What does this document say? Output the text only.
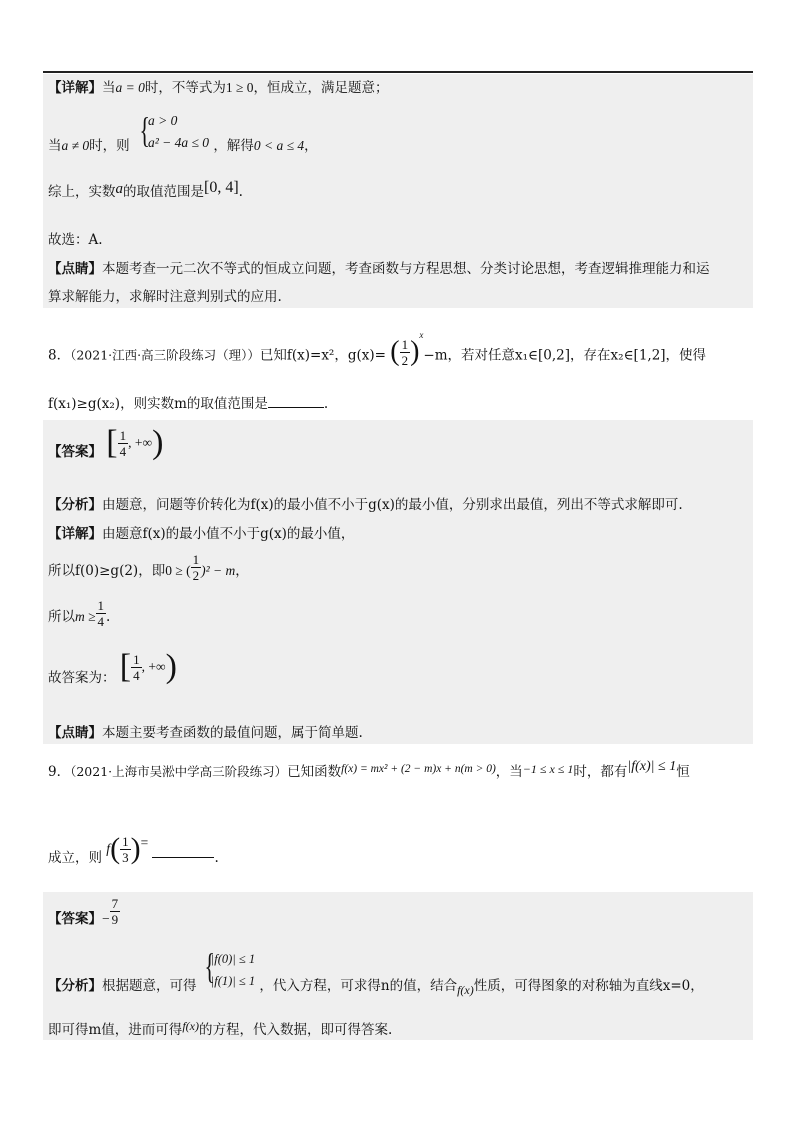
【详解】当a = 0时，不等式为1 ≥ 0，恒成立，满足题意；
当a ≠ 0时，则 {
a > 0
a² − 4a ≤ 0 ，解得0 < a ≤ 4，
综上，实数a的取值范围是[0, 4].
故选：A.
【点睛】本题考查一元二次不等式的恒成立问题，考查函数与方程思想、分类讨论思想，考查逻辑推理能力和运
算求解能力，求解时注意判别式的应用.
8．（2021·江西·高三阶段练习（理））已知f(x)=x²，g(x)= ( $\frac{1}{2} )^x-m$，若对任意x₁∈[0,2]，存在x₂∈[1,2]，使得
f(x₁)≥g(x₂)，则实数m的取值范围是	.
【答案】 [ $\frac{1}{4}$ , +∞)
【分析】由题意，问题等价转化为f(x)的最小值不小于g(x)的最小值，分别求出最值，列出不等式求解即可.
【详解】由题意f(x)的最小值不小于g(x)的最小值，
所以f(0)≥g(2)，即0 ≥ ( $\frac{1}{2} )^2 - m$，
所以$m \ge \frac{1}{4}$ .
故答案为： [ $\frac{1}{4}$ , +∞)
【点睛】本题主要考查函数的最值问题，属于简单题.
9．（2021·上海市吴淞中学高三阶段练习）已知函数f(x) = mx² + (2 − m)x + n(m > 0)，当−1 ≤ x ≤ 1时，都有|f(x)| ≤ 1恒
成立，则 $f( \frac{1}{3}$ )= .
【答案】− $\frac{7}{9}$
【分析】根据题意，可得 {
|f(0)| ≤ 1
|f(1)| ≤ 1 ，代入方程，可求得n的值，结合f(x)性质，可得图象的对称轴为直线x=0，
即可得m值，进而可得f(x)的方程，代入数据，即可得答案.
